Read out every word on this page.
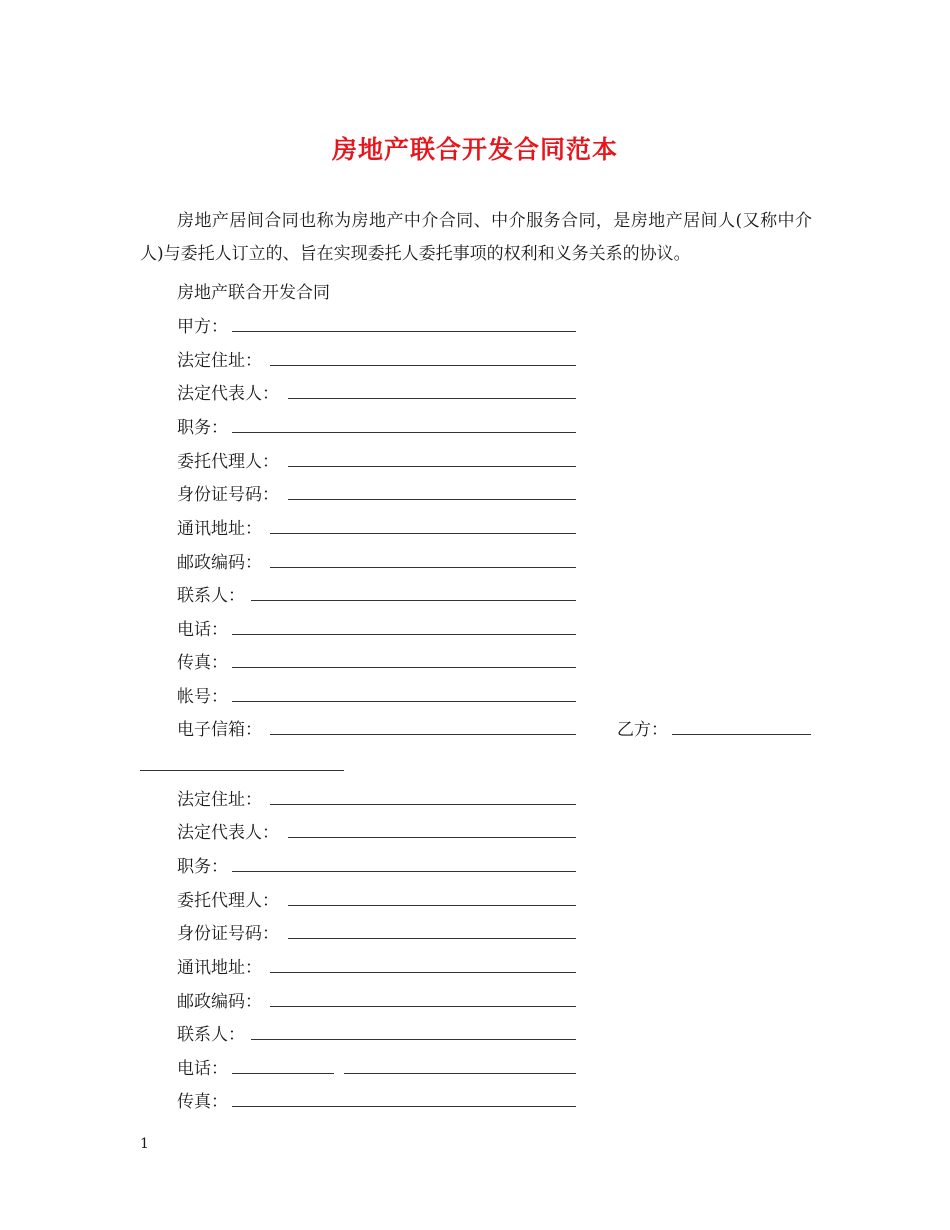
房地产联合开发合同范本

房地产居间合同也称为房地产中介合同、中介服务合同，是房地产居间人(又称中介人)与委托人订立的、旨在实现委托人委托事项的权利和义务关系的协议。

房地产联合开发合同
甲方：
法定住址：
法定代表人：
职务：
委托代理人：
身份证号码：
通讯地址：
邮政编码：
联系人：
电话：
传真：
帐号：
电子信箱：	乙方：
法定住址：
法定代表人：
职务：
委托代理人：
身份证号码：
通讯地址：
邮政编码：
联系人：
电话：
传真：
1
